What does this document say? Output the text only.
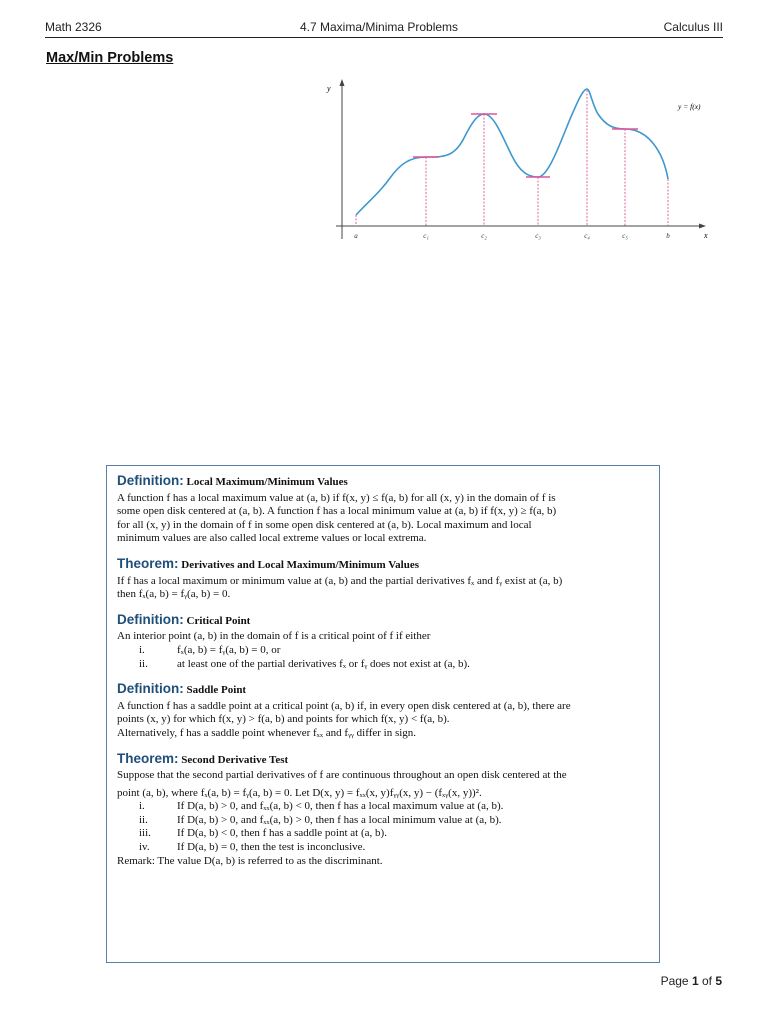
Math 2326	4.7 Maxima/Minima Problems	Calculus III
Max/Min Problems
y
x
y = f(x)
a	c₁	c₂	c₃	c₄	c₅	b
Definition: Local Maximum/Minimum Values
A function f has a local maximum value at (a, b) if f(x, y) ≤ f(a, b) for all (x, y) in the domain of f is
some open disk centered at (a, b). A function f has a local minimum value at (a, b) if f(x, y) ≥ f(a, b)
for all (x, y) in the domain of f in some open disk centered at (a, b). Local maximum and local
minimum values are also called local extreme values or local extrema.
Theorem: Derivatives and Local Maximum/Minimum Values
If f has a local maximum or minimum value at (a, b) and the partial derivatives fₓ and fᵧ exist at (a, b)
then fₓ(a, b) = fᵧ(a, b) = 0.
Definition: Critical Point
An interior point (a, b) in the domain of f is a critical point of f if either
i.	fₓ(a, b) = fᵧ(a, b) = 0, or
ii.	at least one of the partial derivatives fₓ or fᵧ does not exist at (a, b).
Definition: Saddle Point
A function f has a saddle point at a critical point (a, b) if, in every open disk centered at (a, b), there are
points (x, y) for which f(x, y) > f(a, b) and points for which f(x, y) < f(a, b).
Alternatively, f has a saddle point whenever fₓₓ and fᵧᵧ differ in sign.
Theorem: Second Derivative Test
Suppose that the second partial derivatives of f are continuous throughout an open disk centered at the
point (a, b), where fₓ(a, b) = fᵧ(a, b) = 0. Let D(x, y) = fₓₓ(x, y)fᵧᵧ(x, y) − (fₓᵧ(x, y))².
i.	If D(a, b) > 0, and fₓₓ(a, b) < 0, then f has a local maximum value at (a, b).
ii.	If D(a, b) > 0, and fₓₓ(a, b) > 0, then f has a local minimum value at (a, b).
iii.	If D(a, b) < 0, then f has a saddle point at (a, b).
iv.	If D(a, b) = 0, then the test is inconclusive.
Remark: The value D(a, b) is referred to as the discriminant.
Page 1 of 5
